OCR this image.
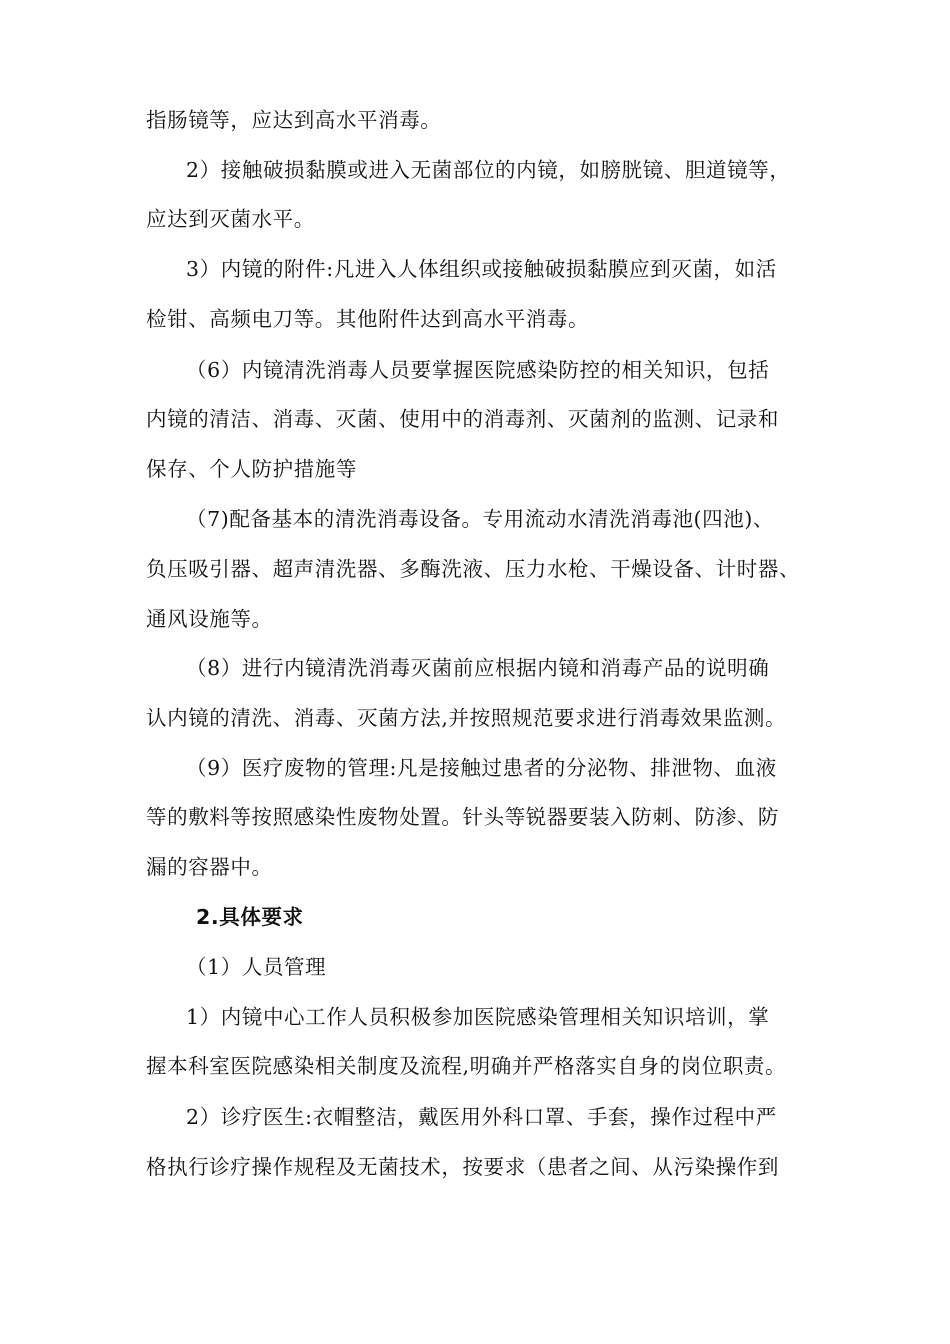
指肠镜等，应达到高水平消毒。
2）接触破损黏膜或进入无菌部位的内镜，如膀胱镜、胆道镜等，
应达到灭菌水平。
3）内镜的附件:凡进入人体组织或接触破损黏膜应到灭菌，如活
检钳、高频电刀等。其他附件达到高水平消毒。
（6）内镜清洗消毒人员要掌握医院感染防控的相关知识，包括
内镜的清洁、消毒、灭菌、使用中的消毒剂、灭菌剂的监测、记录和
保存、个人防护措施等
（7)配备基本的清洗消毒设备。专用流动水清洗消毒池(四池)、
负压吸引器、超声清洗器、多酶洗液、压力水枪、干燥设备、计时器、
通风设施等。
（8）进行内镜清洗消毒灭菌前应根据内镜和消毒产品的说明确
认内镜的清洗、消毒、灭菌方法,并按照规范要求进行消毒效果监测。
（9）医疗废物的管理:凡是接触过患者的分泌物、排泄物、血液
等的敷料等按照感染性废物处置。针头等锐器要装入防刺、防渗、防
漏的容器中。
2.具体要求
（1）人员管理
1）内镜中心工作人员积极参加医院感染管理相关知识培训，掌
握本科室医院感染相关制度及流程,明确并严格落实自身的岗位职责。
2）诊疗医生:衣帽整洁，戴医用外科口罩、手套，操作过程中严
格执行诊疗操作规程及无菌技术，按要求（患者之间、从污染操作到
